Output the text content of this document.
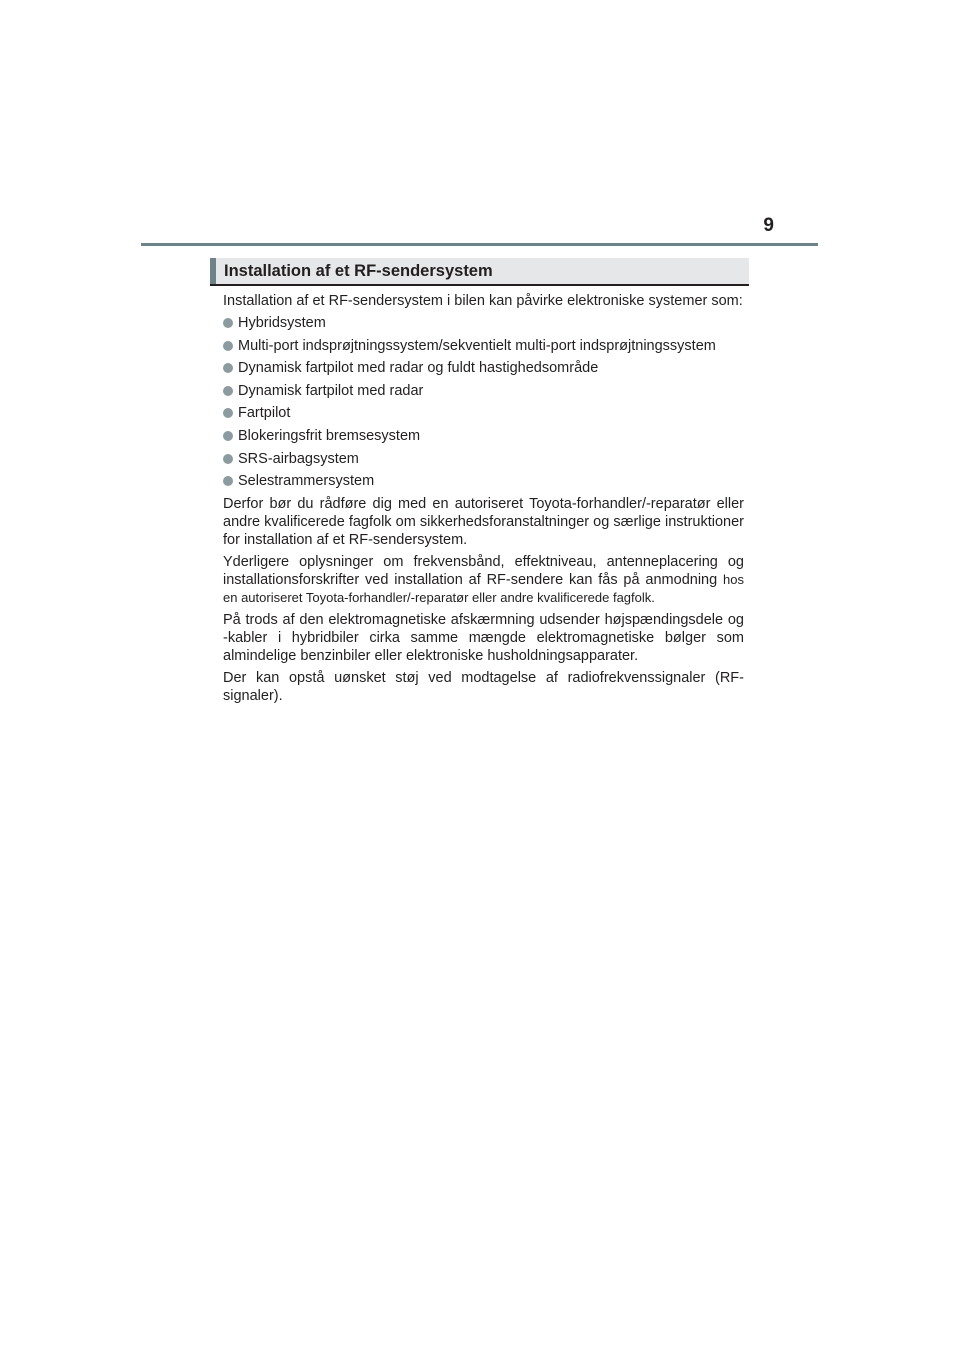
9
Installation af et RF-sendersystem

Installation af et RF-sendersystem i bilen kan påvirke elektroniske systemer som:

Hybridsystem
Multi-port indsprøjtningssystem/sekventielt multi-port indsprøjtningssystem
Dynamisk fartpilot med radar og fuldt hastighedsområde
Dynamisk fartpilot med radar
Fartpilot
Blokeringsfrit bremsesystem
SRS-airbagsystem
Selestrammersystem

Derfor bør du rådføre dig med en autoriseret Toyota-forhandler/-reparatør eller andre kvalificerede fagfolk om sikkerhedsforanstaltninger og særlige instruktioner for installation af et RF-sendersystem.

Yderligere oplysninger om frekvensbånd, effektniveau, antenneplacering og installationsforskrifter ved installation af RF-sendere kan fås på anmodning hos en autoriseret Toyota-forhandler/-reparatør eller andre kvalificerede fagfolk.

På trods af den elektromagnetiske afskærmning udsender højspændingsdele og -kabler i hybridbiler cirka samme mængde elektromagnetiske bølger som almindelige benzinbiler eller elektroniske husholdningsapparater.

Der kan opstå uønsket støj ved modtagelse af radiofrekvenssignaler (RF-signaler).
